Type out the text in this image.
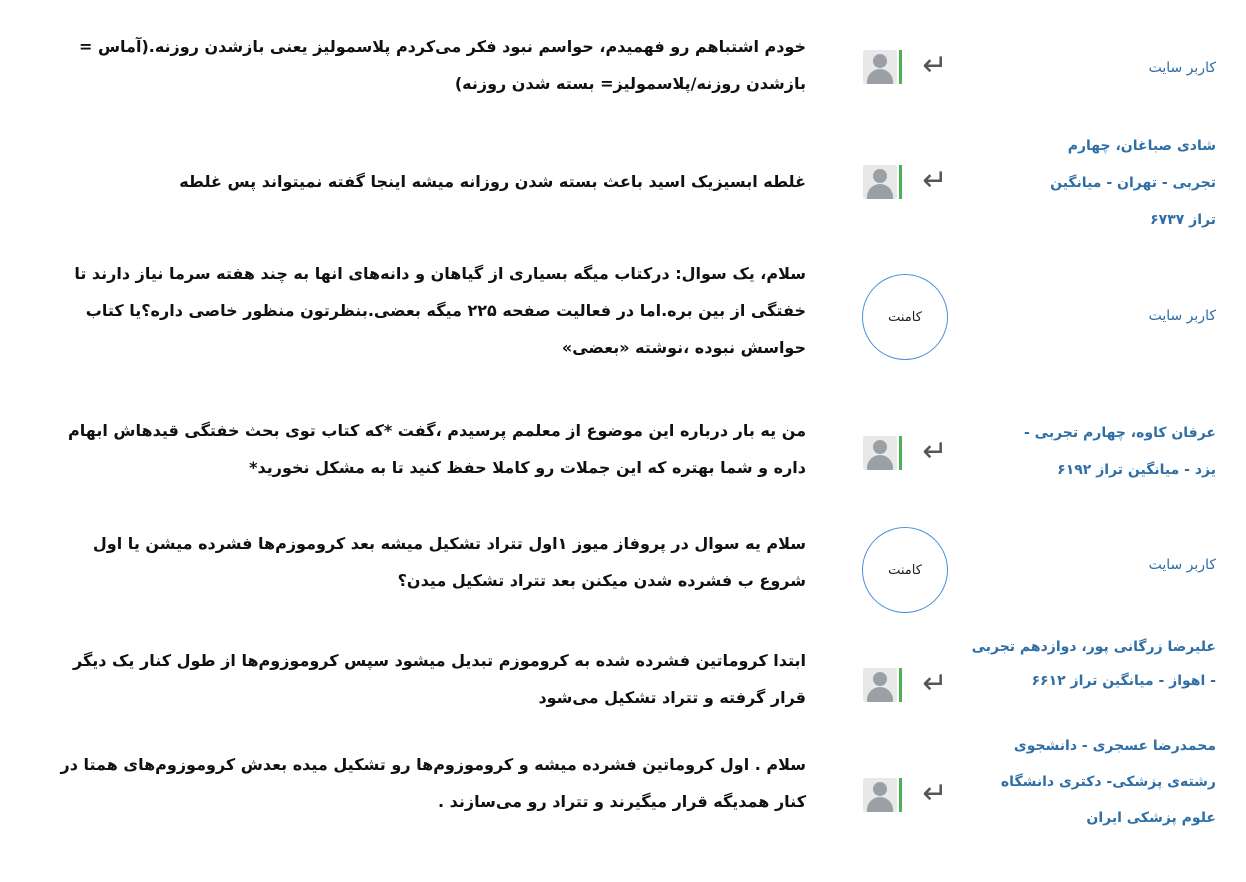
کاربر سایت
↵
خودم اشتباهم رو فهمیدم، حواسم نبود فکر می‌کردم پلاسمولیز یعنی بازشدن روزنه.(آماس = بازشدن روزنه/پلاسمولیز= بسته شدن روزنه)
شادی صباغان، چهارم تجربی - تهران - میانگین تراز ۶۷۳۷
↵
غلطه ابسیزیک اسید باعث بسته شدن روزانه میشه اینجا گفته نمیتواند پس غلطه
کاربر سایت
کامنت
سلام، یک سوال: درکتاب میگه بسیاری از گیاهان و دانه‌های انها به چند هفته سرما نیاز دارند تا خفتگی از بین بره.اما در فعالیت صفحه ۲۲۵ میگه بعضی.بنظرتون منظور خاصی داره؟یا کتاب حواسش نبوده ،نوشته «بعضی»
عرفان کاوه، چهارم تجربی - یزد - میانگین تراز ۶۱۹۲
↵
من یه بار درباره این موضوع از معلمم پرسیدم ،گفت *که کتاب توی بحث خفتگی قیدهاش ابهام داره و شما بهتره که این جملات رو کاملا حفظ کنید تا به مشکل نخورید*
کاربر سایت
کامنت
سلام یه سوال در پروفاز میوز ۱اول تتراد تشکیل میشه بعد کروموزم‌ها فشرده میشن یا اول شروع ب فشرده شدن میکنن بعد تتراد تشکیل میدن؟
علیرضا زرگانی پور، دوازدهم تجربی - اهواز - میانگین تراز ۶۶۱۲
↵
ابتدا کروماتین فشرده شده به کروموزم تبدیل میشود سپس کروموزوم‌ها از طول کنار یک دیگر قرار گرفته و تتراد تشکیل می‌شود
محمدرضا عسجری - دانشجوی رشته‌ی پزشکی- دکتری دانشگاه علوم پزشکی ایران
↵
سلام . اول کروماتین فشرده میشه و کروموزوم‌ها رو تشکیل میده بعدش کروموزوم‌های همتا در کنار همدیگه قرار میگیرند و تتراد رو می‌سازند .
